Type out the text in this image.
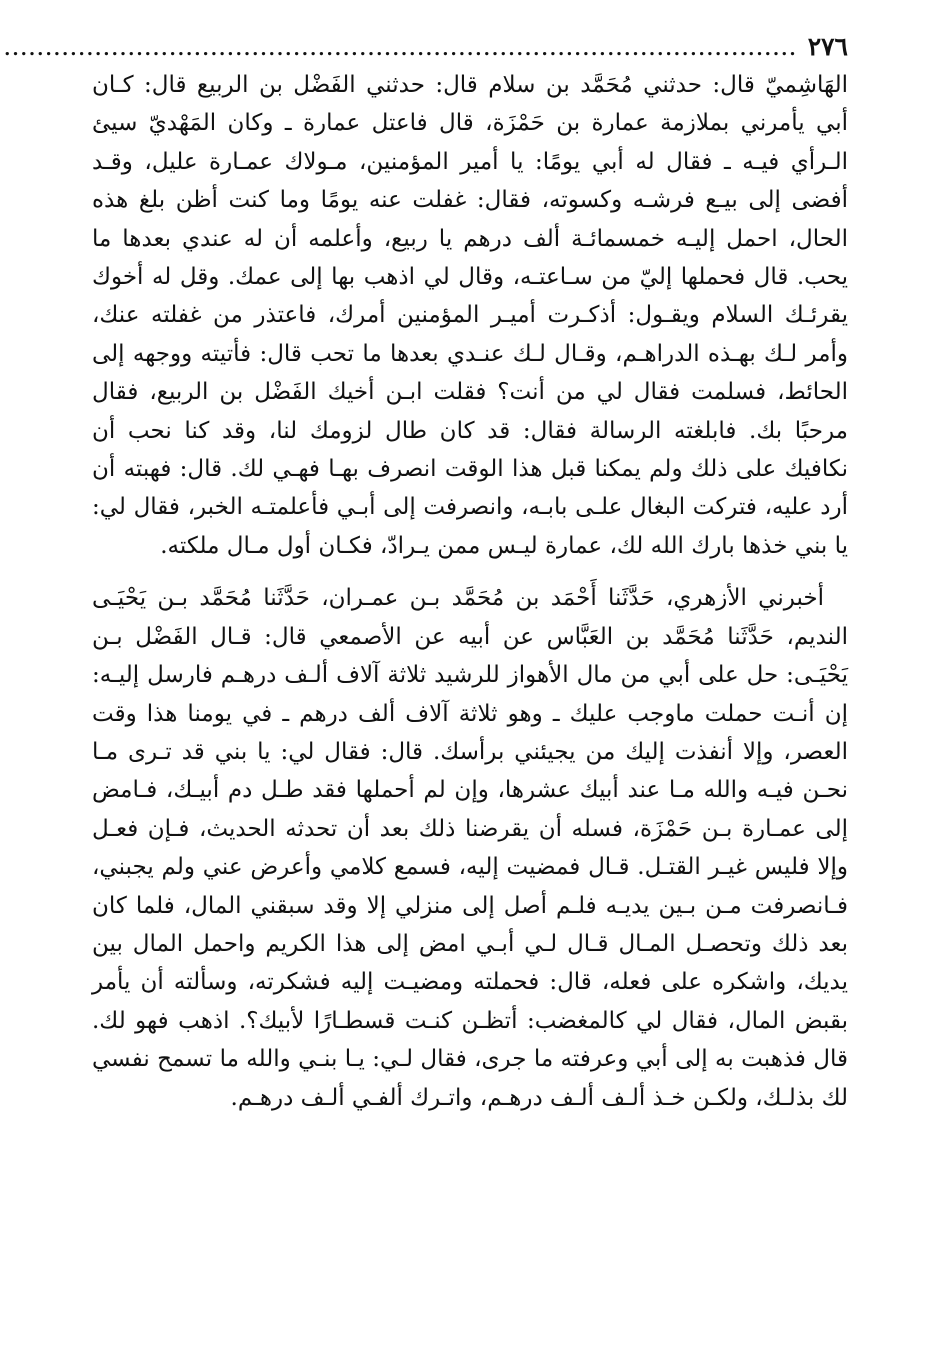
٢٧٦
................................................................................................

الهَاشِميّ قال: حدثني مُحَمَّد بن سلام قال: حدثني الفَضْل بن الربيع قال: كـان أبي يأمرني بملازمة عمارة بن حَمْزَة، قال فاعتل عمارة ـ وكان المَهْديّ سيئ الـرأي فيـه ـ فقال له أبي يومًا: يا أمير المؤمنين، مـولاك عمـارة عليل، وقـد أفضى إلى بيـع فرشـه وكسوته، فقال: غفلت عنه يومًا وما كنت أظن بلغ هذه الحال، احمل إليـه خمسمائـة ألف درهم يا ربيع، وأعلمه أن له عندي بعدها ما يحب. قال فحملها إليّ من سـاعتـه، وقال لي اذهب بها إلى عمك. وقل له أخوك يقرئـك السلام ويقـول: أذكـرت أميـر المؤمنين أمرك، فاعتذر من غفلته عنك، وأمر لـك بهـذه الدراهـم، وقـال لـك عنـدي بعدها ما تحب قال: فأتيته ووجهه إلى الحائط، فسلمت فقال لي من أنت؟ فقلت ابـن أخيك الفَضْل بن الربيع، فقال مرحبًا بك. فابلغته الرسالة فقال: قد كان طال لزومك لنا، وقد كنا نحب أن نكافيك على ذلك ولم يمكنا قبل هذا الوقت انصرف بهـا فهـي لك. قال: فهبته أن أرد عليه، فتركت البغال علـى بابـه، وانصرفت إلى أبـي فأعلمتـه الخبر، فقال لي: يا بني خذها بارك الله لك، عمارة ليـس ممن يـرادّ، فكـان أول مـال ملكته.

أخبرني الأزهري، حَدَّثَنا أَحْمَد بن مُحَمَّد بـن عمـران، حَدَّثَنا مُحَمَّد بـن يَحْيَـى النديم، حَدَّثَنا مُحَمَّد بن العَبَّاس عن أبيه عن الأصمعي قال: قـال الفَضْل بـن يَحْيَـى: حل على أبي من مال الأهواز للرشيد ثلاثة آلاف ألـف درهـم فارسل إليـه: إن أنـت حملت ماوجب عليك ـ وهو ثلاثة آلاف ألف درهم ـ في يومنا هذا وقت العصر، وإلا أنفذت إليك من يجيئني برأسك. قال: فقال لي: يا بني قد تـرى مـا نحـن فيـه والله مـا عند أبيك عشرها، وإن لم أحملها فقد طـل دم أبيـك، فـامض إلى عمـارة بـن حَمْزَة، فسله أن يقرضنا ذلك بعد أن تحدثه الحديث، فـإن فعـل وإلا فليس غيـر القتـل. قـال فمضيت إليه، فسمع كلامي وأعرض عني ولم يجبني، فـانصرفت مـن بـين يديـه فلـم أصل إلى منزلي إلا وقد سبقني المال، فلما كان بعد ذلك وتحصـل المـال قـال لـي أبـي امض إلى هذا الكريم واحمل المال بين يديك، واشكره على فعله، قال: فحملته ومضيـت إليه فشكرته، وسألته أن يأمر بقبض المال، فقال لي كالمغضب: أتظـن كنـت قسطـارًا لأبيك؟. اذهب فهو لك. قال فذهبت به إلى أبي وعرفته ما جرى، فقال لـي: يـا بنـي والله ما تسمح نفسي لك بذلـك، ولكـن خـذ ألـف ألـف درهـم، واتـرك ألفـي ألـف درهـم.
